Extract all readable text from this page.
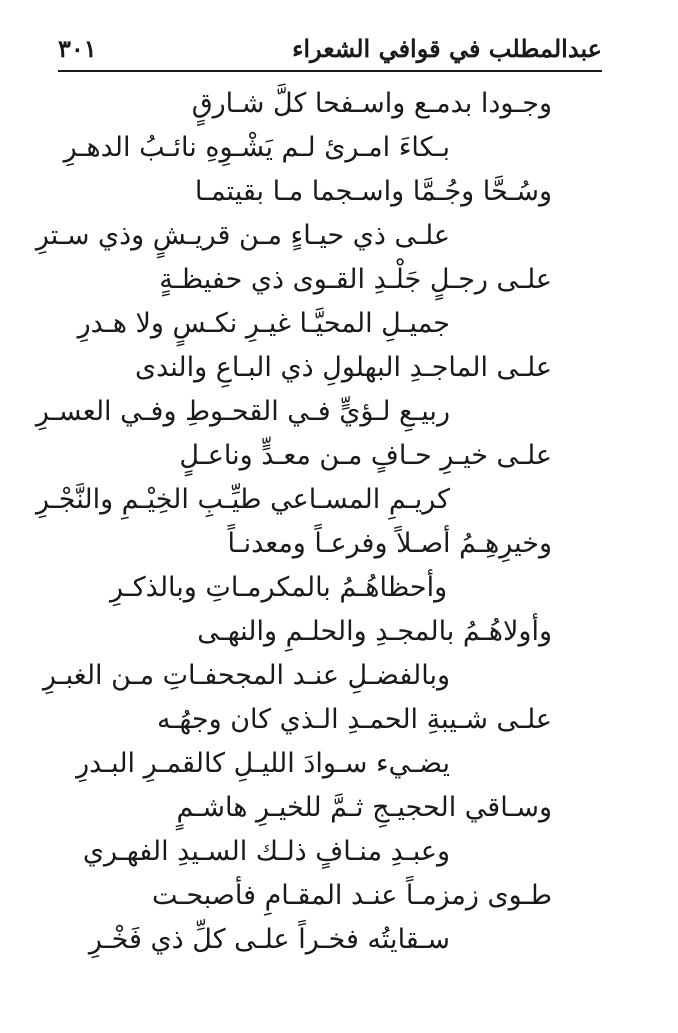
عبدالمطلب في قوافي الشعراء
٣٠١
وجـودا بدمـع واسـفحا كلَّ شـارقٍ
بـكاءَ امـرئ لـم يَشْـوِهِ نائـبُ الدهـرِ
وسُـحَّا وجُـمَّا واسـجما مـا بقيتمـا
علـى ذي حيـاءٍ مـن قريـشٍ وذي سـترِ
علـى رجـلٍ جَلْـدِ القـوى ذي حفيظـةٍ
جميـلِ المحيَّـا غيـرِ نكـسٍ ولا هـدرِ
علـى الماجـدِ البهلولِ ذي البـاعِ والندى
ربيـعِ لـؤيٍّ فـي القحـوطِ وفـي العسـرِ
علـى خيـرِ حـافٍ مـن معـدٍّ وناعـلٍ
كريـمِ المسـاعي طيِّـبِ الخِيْـمِ والنَّجْـرِ
وخيرِهِـمُ أصـلاً وفرعـاً ومعدنـاً
وأحظاهُـمُ بالمكرمـاتِ وبالذكـرِ
وأولاهُـمُ بالمجـدِ والحلـمِ والنهـى
وبالفضـلِ عنـد المجحفـاتِ مـن الغبـرِ
علـى شـيبةِ الحمـدِ الـذي كان وجهُـه
يضـيء سـوادَ الليـلِ كالقمـرِ البـدرِ
وسـاقي الحجيـجِ ثـمَّ للخيـرِ هاشـمٍ
وعبـدِ منـافٍ ذلـك السـيدِ الفهـري
طـوى زمزمـاً عنـد المقـامِ فأصبحـت
سـقايتُه فخـراً علـى كلِّ ذي فَخْـرِ
